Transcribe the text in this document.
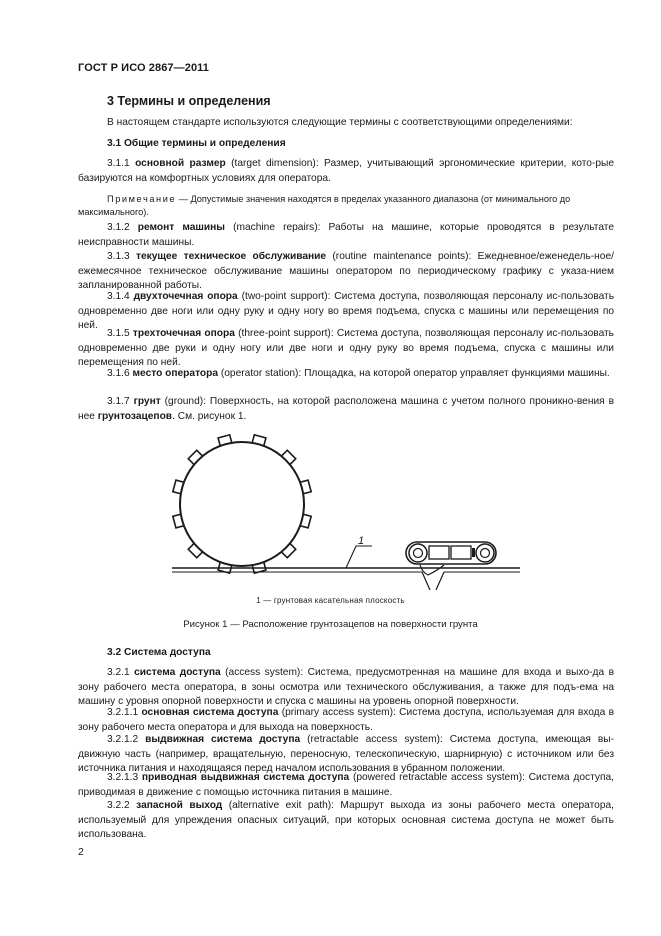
ГОСТ Р ИСО 2867—2011
3 Термины и определения
В настоящем стандарте используются следующие термины с соответствующими определениями:
3.1 Общие термины и определения
3.1.1 основной размер (target dimension): Размер, учитывающий эргономические критерии, кото-рые базируются на комфортных условиях для оператора.
Примечание — Допустимые значения находятся в пределах указанного диапазона (от минимального до максимального).
3.1.2 ремонт машины (machine repairs): Работы на машине, которые проводятся в результате неисправности машины.
3.1.3 текущее техническое обслуживание (routine maintenance points): Ежедневное/еженедель-ное/ежемесячное техническое обслуживание машины оператором по периодическому графику с указа-нием запланированной работы.
3.1.4 двухточечная опора (two-point support): Система доступа, позволяющая персоналу ис-пользовать одновременно две ноги или одну руку и одну ногу во время подъема, спуска с машины или перемещения по ней.
3.1.5 трехточечная опора (three-point support): Система доступа, позволяющая персоналу ис-пользовать одновременно две руки и одну ногу или две ноги и одну руку во время подъема, спуска с машины или перемещения по ней.
3.1.6 место оператора (operator station): Площадка, на которой оператор управляет функциями машины.
3.1.7 грунт (ground): Поверхность, на которой расположена машина с учетом полного проникно-вения в нее грунтозацепов. См. рисунок 1.
1
1 — грунтовая касательная плоскость
Рисунок 1 — Расположение грунтозацепов на поверхности грунта
3.2 Система доступа
3.2.1 система доступа (access system): Система, предусмотренная на машине для входа и выхо-да в зону рабочего места оператора, в зоны осмотра или технического обслуживания, а также для подъ-ема на машину с уровня опорной поверхности и спуска с машины на уровень опорной поверхности.
3.2.1.1 основная система доступа (primary access system): Система доступа, используемая для входа в зону рабочего места оператора и для выхода на поверхность.
3.2.1.2 выдвижная система доступа (retractable access system): Система доступа, имеющая вы-движную часть (например, вращательную, переносную, телескопическую, шарнирную) с источником или без источника питания и находящаяся перед началом использования в убранном положении.
3.2.1.3 приводная выдвижная система доступа (powered retractable access system): Система доступа, приводимая в движение с помощью источника питания в машине.
3.2.2 запасной выход (alternative exit path): Маршрут выхода из зоны рабочего места оператора, используемый для упреждения опасных ситуаций, при которых основная система доступа не может быть использована.
2
